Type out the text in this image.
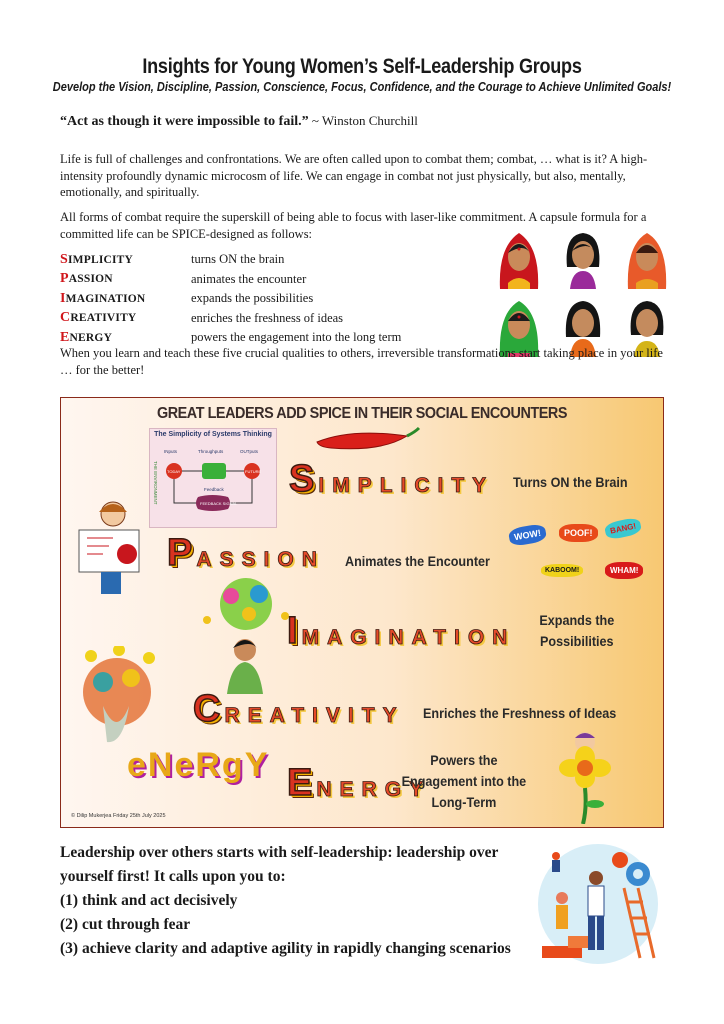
Insights for Young Women’s Self-Leadership Groups
Develop the Vision, Discipline, Passion, Conscience, Focus, Confidence, and the Courage to Achieve Unlimited Goals!
“Act as though it were impossible to fail.” ~ Winston Churchill
Life is full of challenges and confrontations. We are often called upon to combat them; combat, … what is it? A high-intensity profoundly dynamic microcosm of life. We can engage in combat not just physically, but also, mentally, emotionally, and spiritually.
All forms of combat require the superskill of being able to focus with laser-like commitment. A capsule formula for a committed life can be SPICE-designed as follows:
SIMPLICITY	turns ON the brain
PASSION	animates the encounter
IMAGINATION	expands the possibilities
CREATIVITY	enriches the freshness of ideas
ENERGY	powers the engagement into the long term
When you learn and teach these five crucial qualities to others, irreversible transformations start taking place in your life … for the better!
GREAT LEADERS ADD SPICE IN THEIR SOCIAL ENCOUNTERS
The Simplicity of Systems Thinking
INputs	Throughputs	OUTputs
TODAY	FUTURE
Feedback
FEEDBACK SIGNAL
THE ENVIRONMENT	S IMPLICITY Turns ON the Brain
P ASSION Animates the Encounter
WOW!	POOF!	BANG!
KABOOM!	WHAM!
I MAGINATION
Expands the Possibilities
C REATIVITY Enriches the Freshness of Ideas
eNeRgY E NERGY
Powers the Engagement into the Long-Term
© Dilip Mukerjea Friday 25th July 2025
Leadership over others starts with self-leadership: leadership over yourself first! It calls upon you to:
(1) think and act decisively
(2) cut through fear
(3) achieve clarity and adaptive agility in rapidly changing scenarios
